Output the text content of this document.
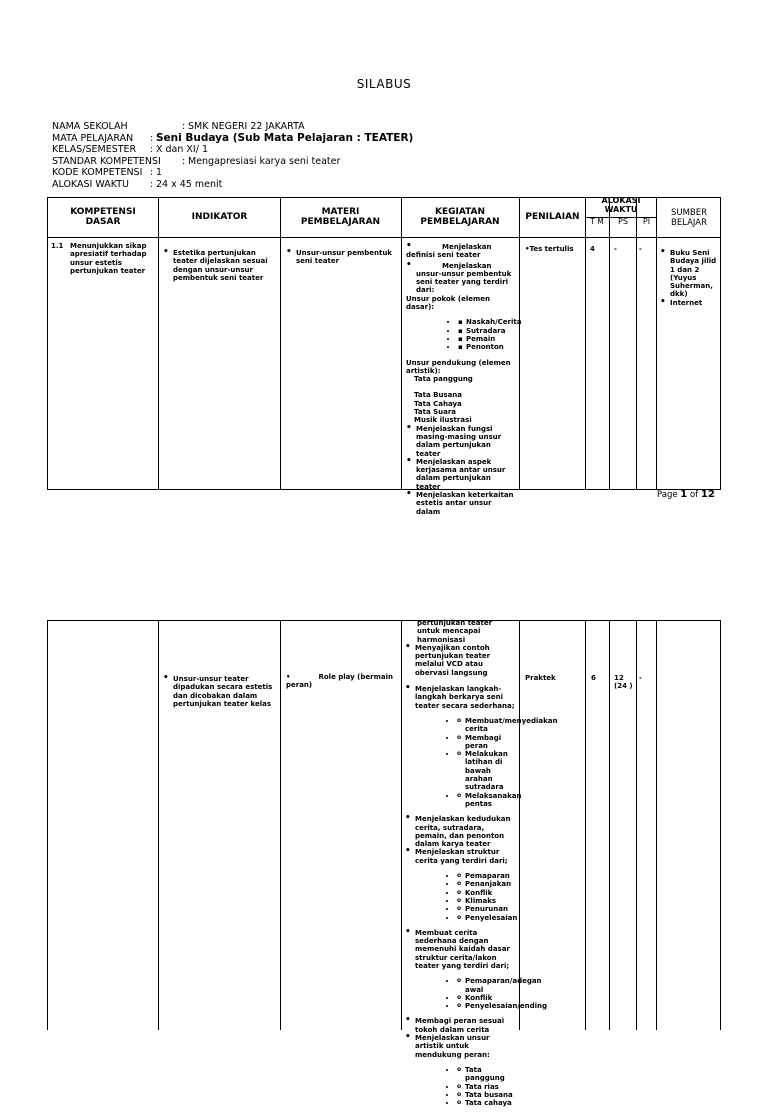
SILABUS
NAMA SEKOLAH	: SMK NEGERI 22 JAKARTA
MATA PELAJARAN : Seni Budaya (Sub Mata Pelajaran : TEATER)
KELAS/SEMESTER : X dan XI/ 1
STANDAR KOMPETENSI : Mengapresiasi karya seni teater
KODE KOMPETENSI : 1
ALOKASI WAKTU : 24 x 45 menit
KOMPETENSI DASAR	INDIKATOR	MATERI PEMBELAJARAN
KEGIATAN PEMBELAJARAN	PENILAIAN
ALOKASI WAKTU
T M	PS	PI
SUMBER BELAJAR
1.1 Menunjukkan sikap apresiatif terhadap unsur estetis pertunjukan teater
• Estetika pertunjukan teater dijelaskan sesuai dengan unsur-unsur pembentuk seni teater
• Unsur-unsur pembentuk seni teater
• Menjelaskan definisi seni teater
• Menjelaskan unsur-unsur pembentuk seni teater yang terdiri dari:
Unsur pokok (elemen dasar):
▪ • Naskah/Cerita
▪ • Sutradara
▪ • Pemain
▪ • Penonton
Unsur pendukung (elemen artistik):
Tata panggung
Tata Busana
Tata Cahaya
Tata Suara
Musik ilustrasi
• Menjelaskan fungsi masing-masing unsur dalam pertunjukan teater
• Menjelaskan aspek kerjasama antar unsur dalam pertunjukan teater
• Menjelaskan keterkaitan estetis antar unsur dalam
•Tes tertulis	4	-	-
•	Buku Seni Budaya jilid 1 dan 2 (Yuyus Suherman, dkk)
• Internet
Page 1 of 12
pertunjukan teater untuk mencapai harmonisasi
• Menyajikan contoh pertunjukan teater melalui VCD atau obervasi langsung
• Menjelaskan langkah-langkah berkarya seni teater secara sederhana;
o • Membuat/menyediakan cerita
o • Membagi peran
o • Melakukan latihan di bawah arahan sutradara
o • Melaksanakan pentas
• Menjelaskan kedudukan cerita, sutradara, pemain, dan penonton dalam karya teater
• Menjelaskan struktur cerita yang terdiri dari;
o • Pemaparan
o • Penanjakan
o • Konflik
o • Klimaks
o • Penurunan
o • Penyelesaian
• Membuat cerita sederhana dengan memenuhi kaidah dasar struktur cerita/lakon teater yang terdiri dari;
o • Pemaparan/adegan awal
o • Konflik
o • Penyelesaian/ending
• Membagi peran sesuai tokoh dalam cerita
• Menjelaskan unsur artistik untuk mendukung peran:
o • Tata panggung
o • Tata rias
o • Tata busana
o • Tata cahaya
• Unsur-unsur teater dipadukan secara estetis dan dicobakan dalam pertunjukan teater kelas
•	Role play (bermain peran)
Praktek	6	12 (24 )
-
